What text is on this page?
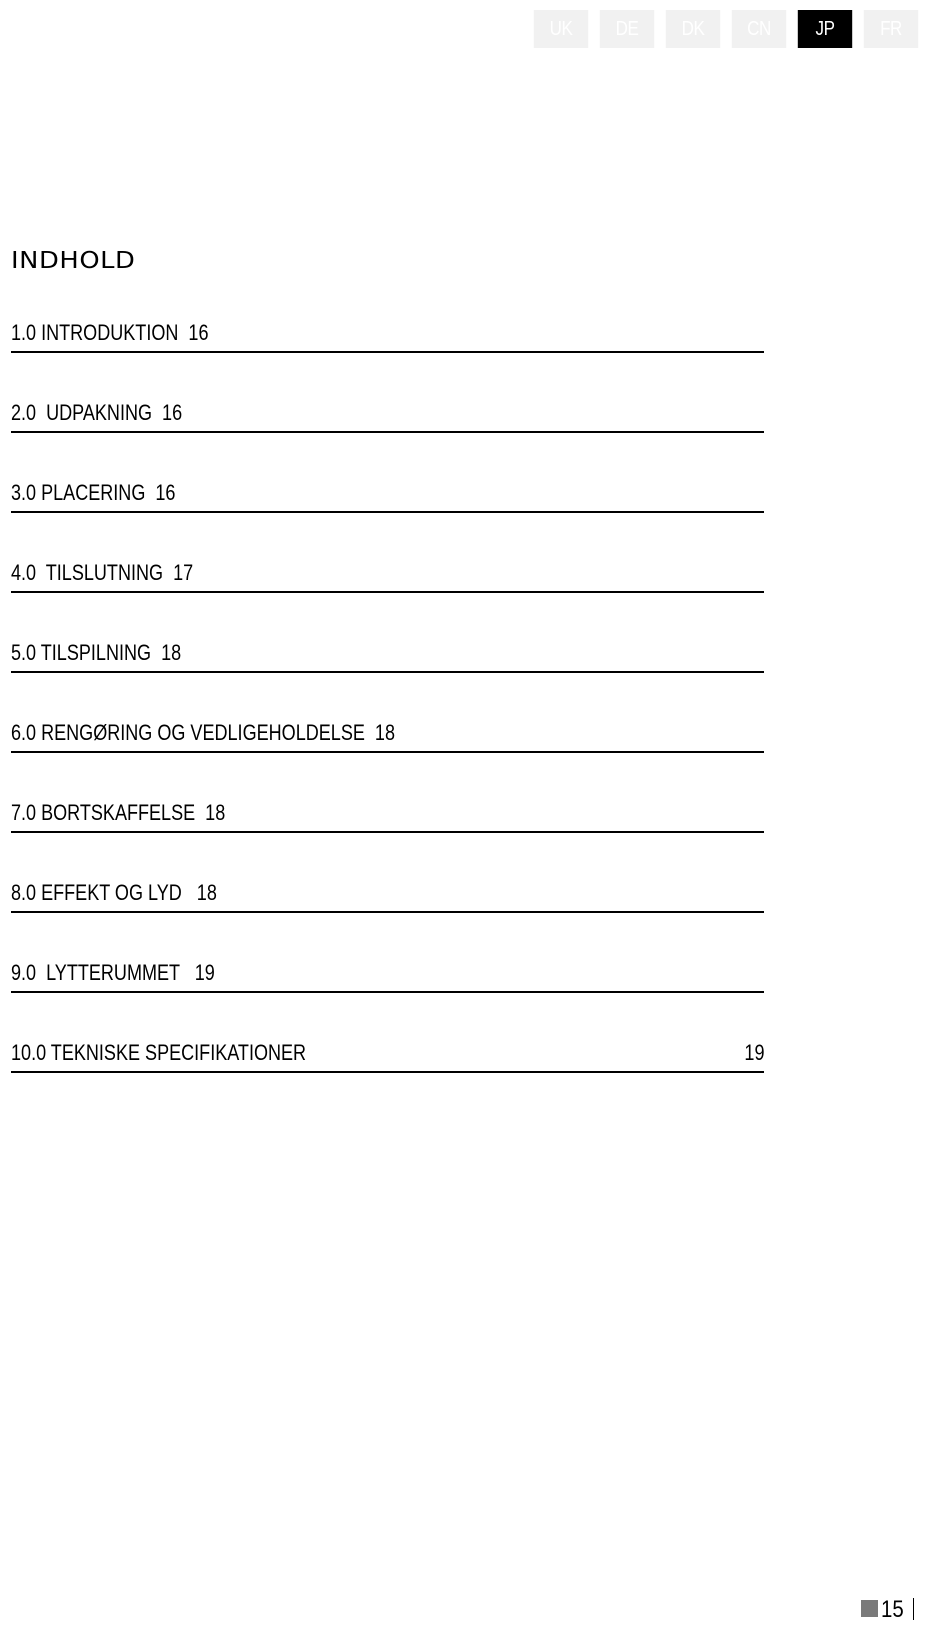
UK	DE	DK	CN	JP	FR
INDHOLD
1.0 INTRODUKTION  16
2.0  UDPAKNING  16
3.0 PLACERING  16
4.0  TILSLUTNING  17
5.0 TILSPILNING  18
6.0 RENGØRING OG VEDLIGEHOLDELSE  18
7.0 BORTSKAFFELSE  18
8.0 EFFEKT OG LYD   18
9.0  LYTTERUMMET   19
10.0 TEKNISKE SPECIFIKATIONER	19
15
